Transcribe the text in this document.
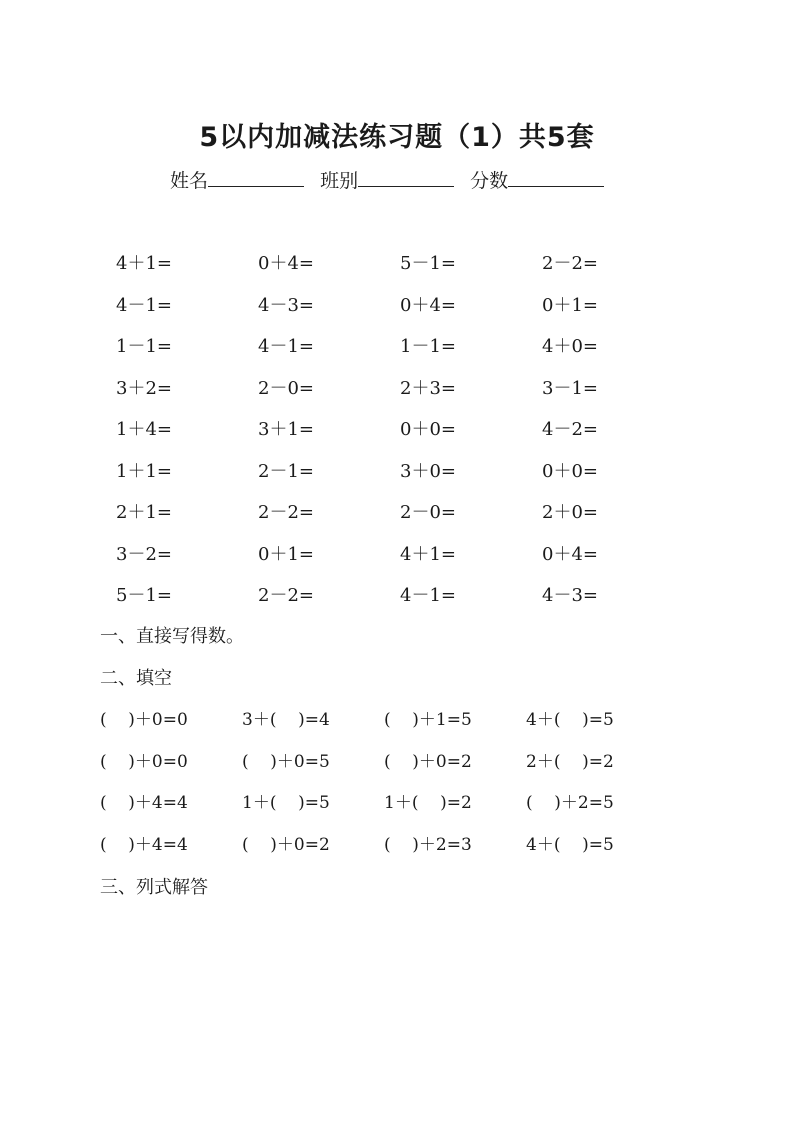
5以内加减法练习题（1）共5套
姓名	班别	分数
4＋1=	0＋4=	5－1=	2－2=
4－1=	4－3=	0＋4=	0＋1=
1－1=	4－1=	1－1=	4＋0=
3＋2=	2－0=	2＋3=	3－1=
1＋4=	3＋1=	0＋0=	4－2=
1＋1=	2－1=	3＋0=	0＋0=
2＋1=	2－2=	2－0=	2＋0=
3－2=	0＋1=	4＋1=	0＋4=
5－1=	2－2=	4－1=	4－3=
一、直接写得数。
二、填空
(    )＋0=0	3＋(    )=4	(    )＋1=5	4＋(    )=5
(    )＋0=0	(    )＋0=5	(    )＋0=2	2＋(    )=2
(    )＋4=4	1＋(    )=5	1＋(    )=2	(    )＋2=5
(    )＋4=4	(    )＋0=2	(    )＋2=3	4＋(    )=5
三、列式解答
